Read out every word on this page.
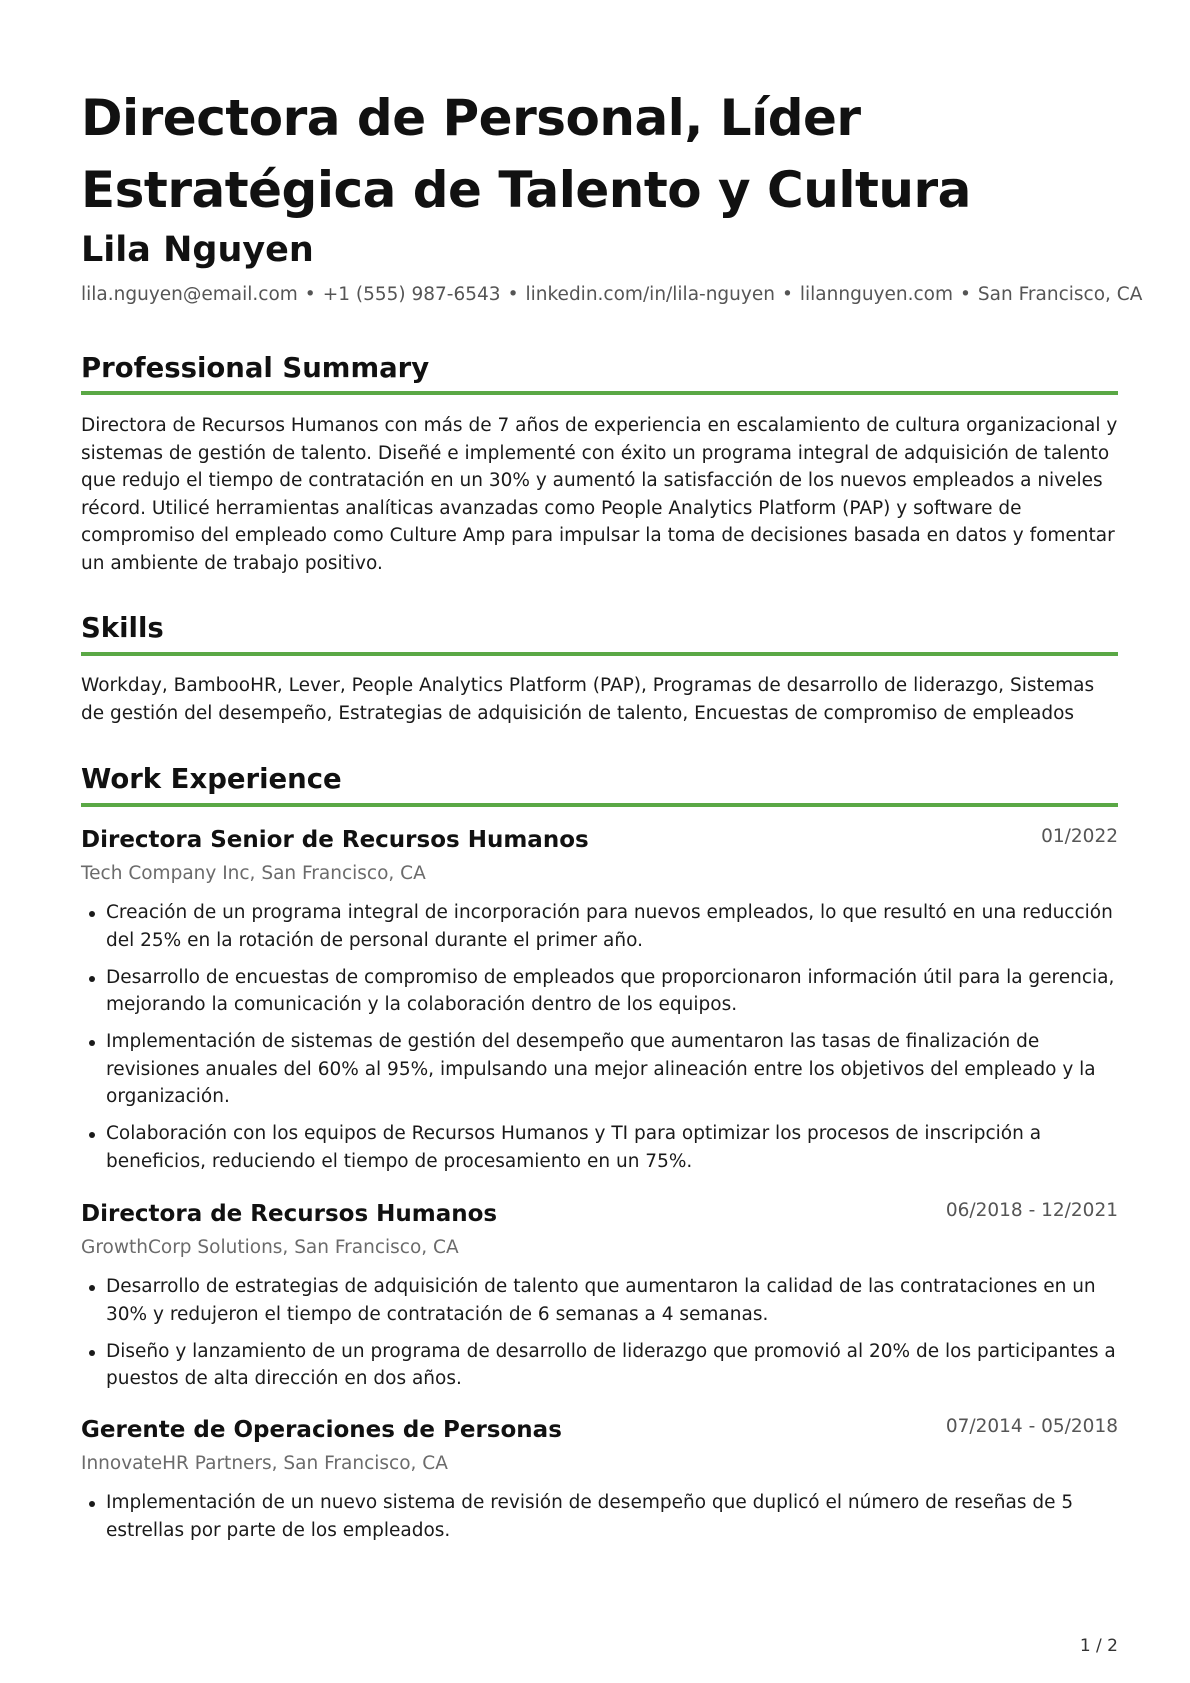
Directora de Personal, Líder Estratégica de Talento y Cultura
Lila Nguyen
lila.nguyen@email.com • +1 (555) 987-6543 • linkedin.com/in/lila-nguyen • lilannguyen.com • San Francisco, CA
Professional Summary

Directora de Recursos Humanos con más de 7 años de experiencia en escalamiento de cultura organizacional y sistemas de gestión de talento. Diseñé e implementé con éxito un programa integral de adquisición de talento que redujo el tiempo de contratación en un 30% y aumentó la satisfacción de los nuevos empleados a niveles récord. Utilicé herramientas analíticas avanzadas como People Analytics Platform (PAP) y software de compromiso del empleado como Culture Amp para impulsar la toma de decisiones basada en datos y fomentar un ambiente de trabajo positivo.

Skills

Workday, BambooHR, Lever, People Analytics Platform (PAP), Programas de desarrollo de liderazgo, Sistemas de gestión del desempeño, Estrategias de adquisición de talento, Encuestas de compromiso de empleados

Work Experience
Directora Senior de Recursos Humanos	01/2022
Tech Company Inc, San Francisco, CA
Creación de un programa integral de incorporación para nuevos empleados, lo que resultó en una reducción del 25% en la rotación de personal durante el primer año.
Desarrollo de encuestas de compromiso de empleados que proporcionaron información útil para la gerencia, mejorando la comunicación y la colaboración dentro de los equipos.
Implementación de sistemas de gestión del desempeño que aumentaron las tasas de finalización de revisiones anuales del 60% al 95%, impulsando una mejor alineación entre los objetivos del empleado y la organización.
Colaboración con los equipos de Recursos Humanos y TI para optimizar los procesos de inscripción a beneficios, reduciendo el tiempo de procesamiento en un 75%.
Directora de Recursos Humanos	06/2018 - 12/2021
GrowthCorp Solutions, San Francisco, CA
Desarrollo de estrategias de adquisición de talento que aumentaron la calidad de las contrataciones en un 30% y redujeron el tiempo de contratación de 6 semanas a 4 semanas.
Diseño y lanzamiento de un programa de desarrollo de liderazgo que promovió al 20% de los participantes a puestos de alta dirección en dos años.
Gerente de Operaciones de Personas	07/2014 - 05/2018
InnovateHR Partners, San Francisco, CA
Implementación de un nuevo sistema de revisión de desempeño que duplicó el número de reseñas de 5 estrellas por parte de los empleados.
1 / 2
